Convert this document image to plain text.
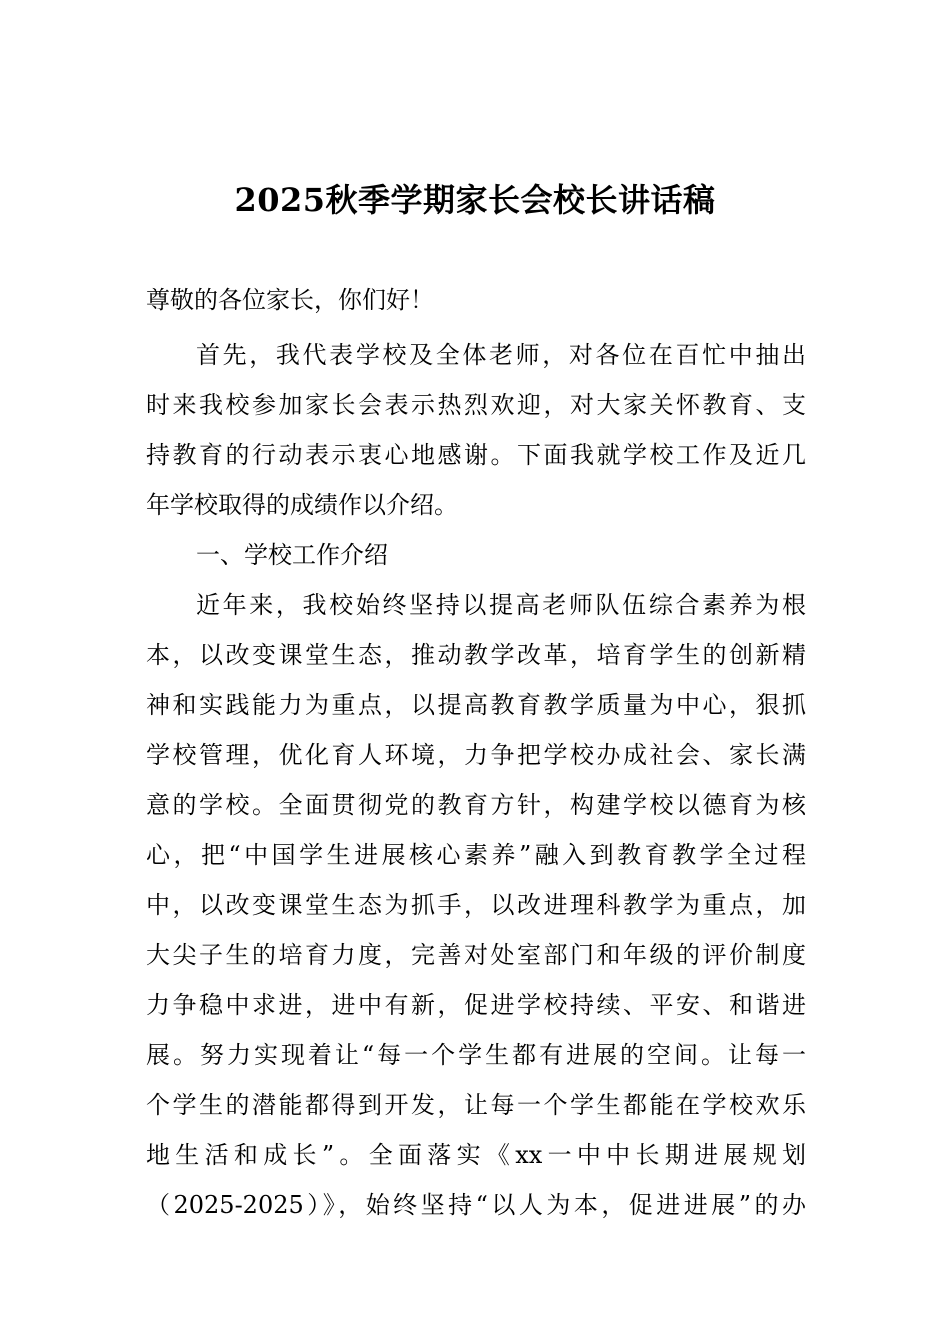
2025秋季学期家长会校长讲话稿
尊敬的各位家长，你们好！
首先，我代表学校及全体老师，对各位在百忙中抽出
时来我校参加家长会表示热烈欢迎，对大家关怀教育、支
持教育的行动表示衷心地感谢。下面我就学校工作及近几
年学校取得的成绩作以介绍。
一、学校工作介绍
近年来，我校始终坚持以提高老师队伍综合素养为根
本，以改变课堂生态，推动教学改革，培育学生的创新精
神和实践能力为重点，以提高教育教学质量为中心，狠抓
学校管理，优化育人环境，力争把学校办成社会、家长满
意的学校。全面贯彻党的教育方针，构建学校以德育为核
心，把“中国学生进展核心素养”融入到教育教学全过程
中，以改变课堂生态为抓手，以改进理科教学为重点，加
大尖子生的培育力度，完善对处室部门和年级的评价制度
力争稳中求进，进中有新，促进学校持续、平安、和谐进
展。努力实现着让“每一个学生都有进展的空间。让每一
个学生的潜能都得到开发，让每一个学生都能在学校欢乐
地生活和成长”。全面落实《xx一中中长期进展规划
（2025-2025）》，始终坚持“以人为本，促进进展”的办
